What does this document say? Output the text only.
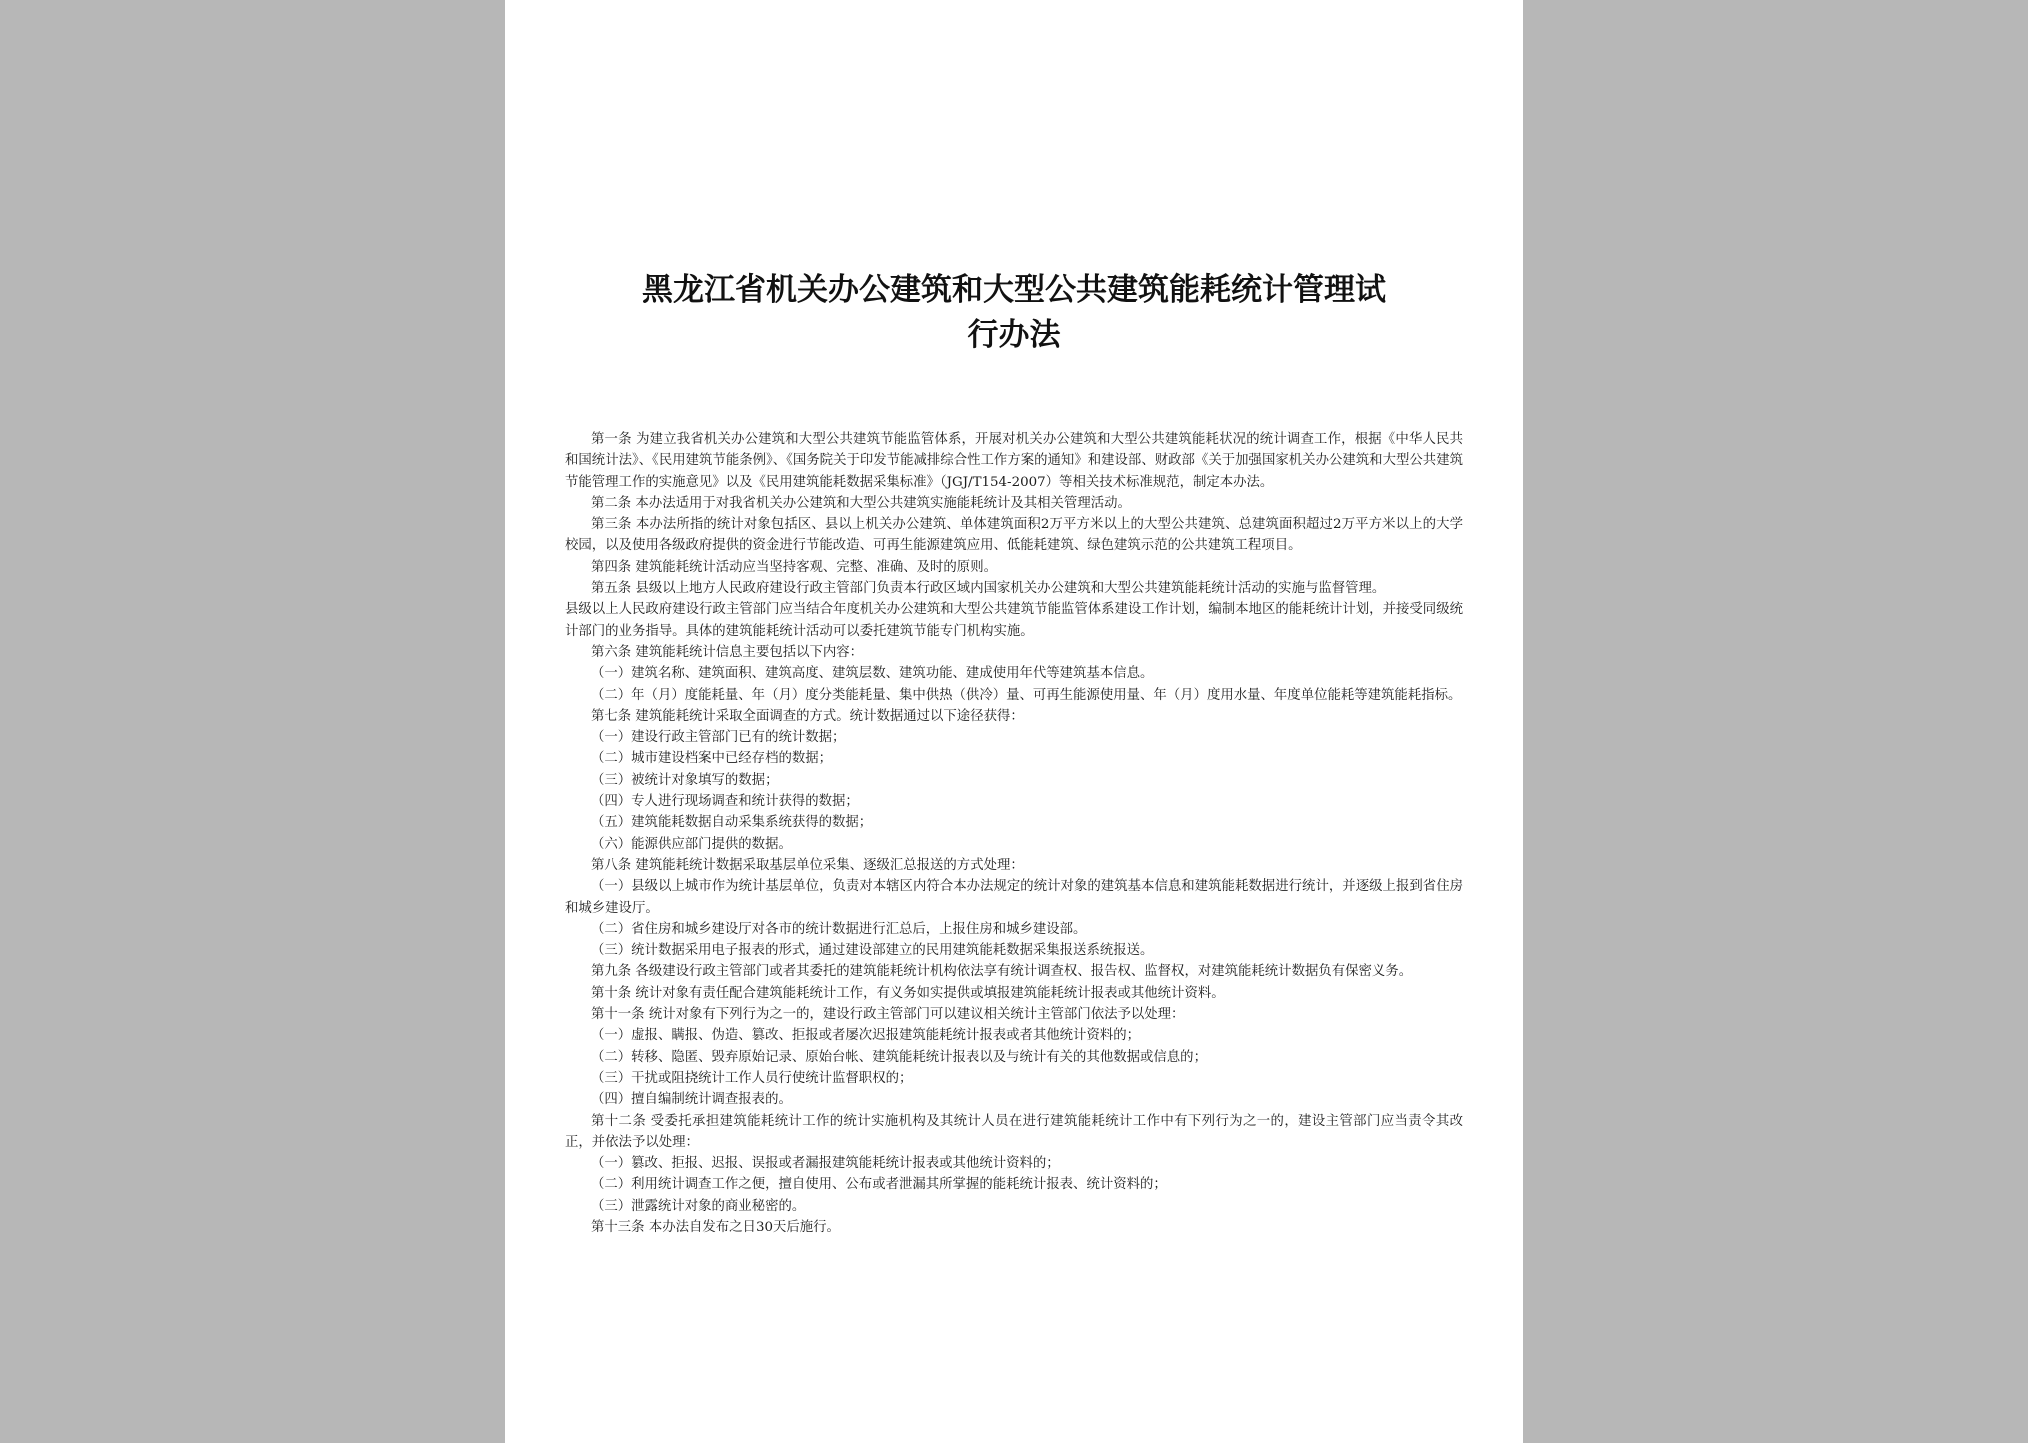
黑龙江省机关办公建筑和大型公共建筑能耗统计管理试
行办法

第一条 为建立我省机关办公建筑和大型公共建筑节能监管体系，开展对机关办公建筑和大型公共建筑能耗状况的统计调查工作，根据《中华人民共和国统计法》、《民用建筑节能条例》、《国务院关于印发节能减排综合性工作方案的通知》和建设部、财政部《关于加强国家机关办公建筑和大型公共建筑节能管理工作的实施意见》以及《民用建筑能耗数据采集标准》（JGJ/T154-2007）等相关技术标准规范，制定本办法。

第二条 本办法适用于对我省机关办公建筑和大型公共建筑实施能耗统计及其相关管理活动。

第三条 本办法所指的统计对象包括区、县以上机关办公建筑、单体建筑面积2万平方米以上的大型公共建筑、总建筑面积超过2万平方米以上的大学校园，以及使用各级政府提供的资金进行节能改造、可再生能源建筑应用、低能耗建筑、绿色建筑示范的公共建筑工程项目。

第四条 建筑能耗统计活动应当坚持客观、完整、准确、及时的原则。

第五条 县级以上地方人民政府建设行政主管部门负责本行政区域内国家机关办公建筑和大型公共建筑能耗统计活动的实施与监督管理。

县级以上人民政府建设行政主管部门应当结合年度机关办公建筑和大型公共建筑节能监管体系建设工作计划，编制本地区的能耗统计计划，并接受同级统计部门的业务指导。具体的建筑能耗统计活动可以委托建筑节能专门机构实施。

第六条 建筑能耗统计信息主要包括以下内容：

（一）建筑名称、建筑面积、建筑高度、建筑层数、建筑功能、建成使用年代等建筑基本信息。

（二）年（月）度能耗量、年（月）度分类能耗量、集中供热（供冷）量、可再生能源使用量、年（月）度用水量、年度单位能耗等建筑能耗指标。

第七条 建筑能耗统计采取全面调查的方式。统计数据通过以下途径获得：

（一）建设行政主管部门已有的统计数据；

（二）城市建设档案中已经存档的数据；

（三）被统计对象填写的数据；

（四）专人进行现场调查和统计获得的数据；

（五）建筑能耗数据自动采集系统获得的数据；

（六）能源供应部门提供的数据。

第八条 建筑能耗统计数据采取基层单位采集、逐级汇总报送的方式处理：

（一）县级以上城市作为统计基层单位，负责对本辖区内符合本办法规定的统计对象的建筑基本信息和建筑能耗数据进行统计，并逐级上报到省住房和城乡建设厅。

（二）省住房和城乡建设厅对各市的统计数据进行汇总后，上报住房和城乡建设部。

（三）统计数据采用电子报表的形式，通过建设部建立的民用建筑能耗数据采集报送系统报送。

第九条 各级建设行政主管部门或者其委托的建筑能耗统计机构依法享有统计调查权、报告权、监督权，对建筑能耗统计数据负有保密义务。

第十条 统计对象有责任配合建筑能耗统计工作，有义务如实提供或填报建筑能耗统计报表或其他统计资料。

第十一条 统计对象有下列行为之一的，建设行政主管部门可以建议相关统计主管部门依法予以处理：

（一）虚报、瞒报、伪造、篡改、拒报或者屡次迟报建筑能耗统计报表或者其他统计资料的；

（二）转移、隐匿、毁弃原始记录、原始台帐、建筑能耗统计报表以及与统计有关的其他数据或信息的；

（三）干扰或阻挠统计工作人员行使统计监督职权的；

（四）擅自编制统计调查报表的。

第十二条 受委托承担建筑能耗统计工作的统计实施机构及其统计人员在进行建筑能耗统计工作中有下列行为之一的，建设主管部门应当责令其改正，并依法予以处理：

（一）篡改、拒报、迟报、误报或者漏报建筑能耗统计报表或其他统计资料的；

（二）利用统计调查工作之便，擅自使用、公布或者泄漏其所掌握的能耗统计报表、统计资料的；

（三）泄露统计对象的商业秘密的。

第十三条 本办法自发布之日30天后施行。
